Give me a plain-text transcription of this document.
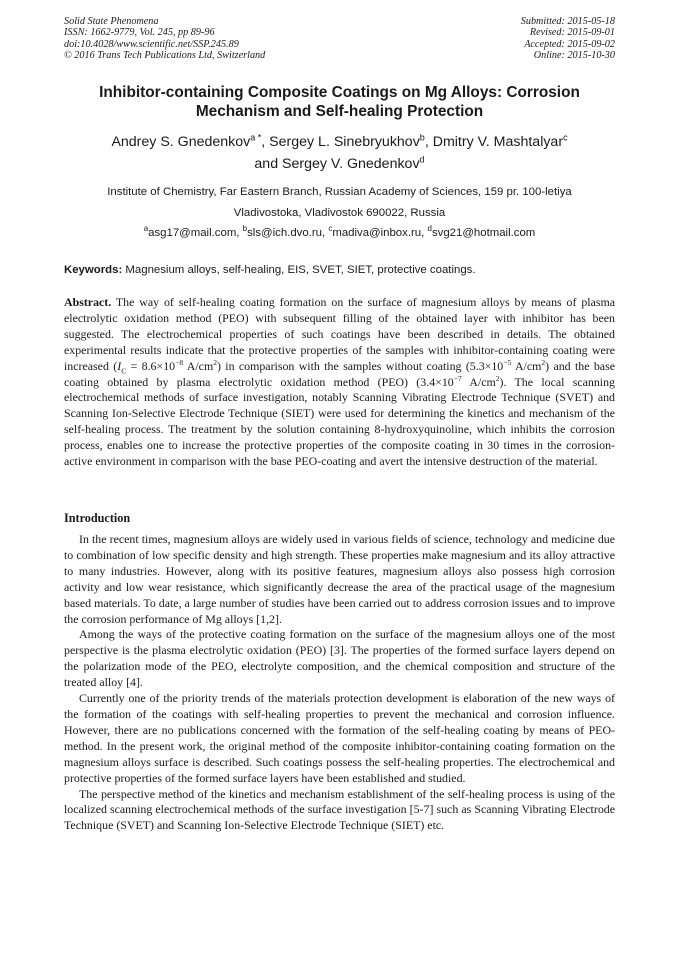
Solid State Phenomena
ISSN: 1662-9779, Vol. 245, pp 89-96
doi:10.4028/www.scientific.net/SSP.245.89
© 2016 Trans Tech Publications Ltd, Switzerland
Submitted: 2015-05-18
Revised: 2015-09-01
Accepted: 2015-09-02
Online: 2015-10-30
Inhibitor-containing Composite Coatings on Mg Alloys: Corrosion
Mechanism and Self-healing Protection
Andrey S. Gnedenkov$^{a *}$, Sergey L. Sinebryukhov$^b$, Dmitry V. Mashtalyar$^c$
and Sergey V. Gnedenkov$^d$
Institute of Chemistry, Far Eastern Branch, Russian Academy of Sciences, 159 pr. 100-letiya
Vladivostoka, Vladivostok 690022, Russia
$^a$asg17@mail.com, $^b$sls@ich.dvo.ru, $^c$madiva@inbox.ru, $^d$svg21@hotmail.com
Keywords: Magnesium alloys, self-healing, EIS, SVET, SIET, protective coatings.
Abstract. The way of self-healing coating formation on the surface of magnesium alloys by means of plasma electrolytic oxidation method (PEO) with subsequent filling of the obtained layer with inhibitor has been suggested. The electrochemical properties of such coatings have been described in details. The obtained experimental results indicate that the protective properties of the samples with inhibitor-containing coating were increased ($I_C = 8.6\times 10^{-8}$ $A/cm^2$) in comparison with the samples without coating ($5.3\times 10^{-5}$ $A/cm^2$) and the base coating obtained by plasma electrolytic oxidation method (PEO) ($3.4\times 10^{-7}$ $A/cm^2$). The local scanning electrochemical methods of surface investigation, notably Scanning Vibrating Electrode Technique (SVET) and Scanning Ion-Selective Electrode Technique (SIET) were used for determining the kinetics and mechanism of the self-healing process. The treatment by the solution containing 8-hydroxyquinoline, which inhibits the corrosion process, enables one to increase the protective properties of the composite coating in 30 times in the corrosion-active environment in comparison with the base PEO-coating and avert the intensive destruction of the material.
Introduction

In the recent times, magnesium alloys are widely used in various fields of science, technology and medicine due to combination of low specific density and high strength. These properties make magnesium and its alloy attractive to many industries. However, along with its positive features, magnesium alloys also possess high corrosion activity and low wear resistance, which significantly decrease the area of the practical usage of the magnesium based materials. To date, a large number of studies have been carried out to address corrosion issues and to improve the corrosion performance of Mg alloys [1,2].

Among the ways of the protective coating formation on the surface of the magnesium alloys one of the most perspective is the plasma electrolytic oxidation (PEO) [3]. The properties of the formed surface layers depend on the polarization mode of the PEO, electrolyte composition, and the chemical composition and structure of the treated alloy [4].

Currently one of the priority trends of the materials protection development is elaboration of the new ways of the formation of the coatings with self-healing properties to prevent the mechanical and corrosion influence. However, there are no publications concerned with the formation of the self-healing coating by means of PEO-method. In the present work, the original method of the composite inhibitor-containing coating formation on the magnesium alloys surface is described. Such coatings possess the self-healing properties. The electrochemical and protective properties of the formed surface layers have been established and studied.

The perspective method of the kinetics and mechanism establishment of the self-healing process is using of the localized scanning electrochemical methods of the surface investigation [5-7] such as Scanning Vibrating Electrode Technique (SVET) and Scanning Ion-Selective Electrode Technique (SIET) etc.
